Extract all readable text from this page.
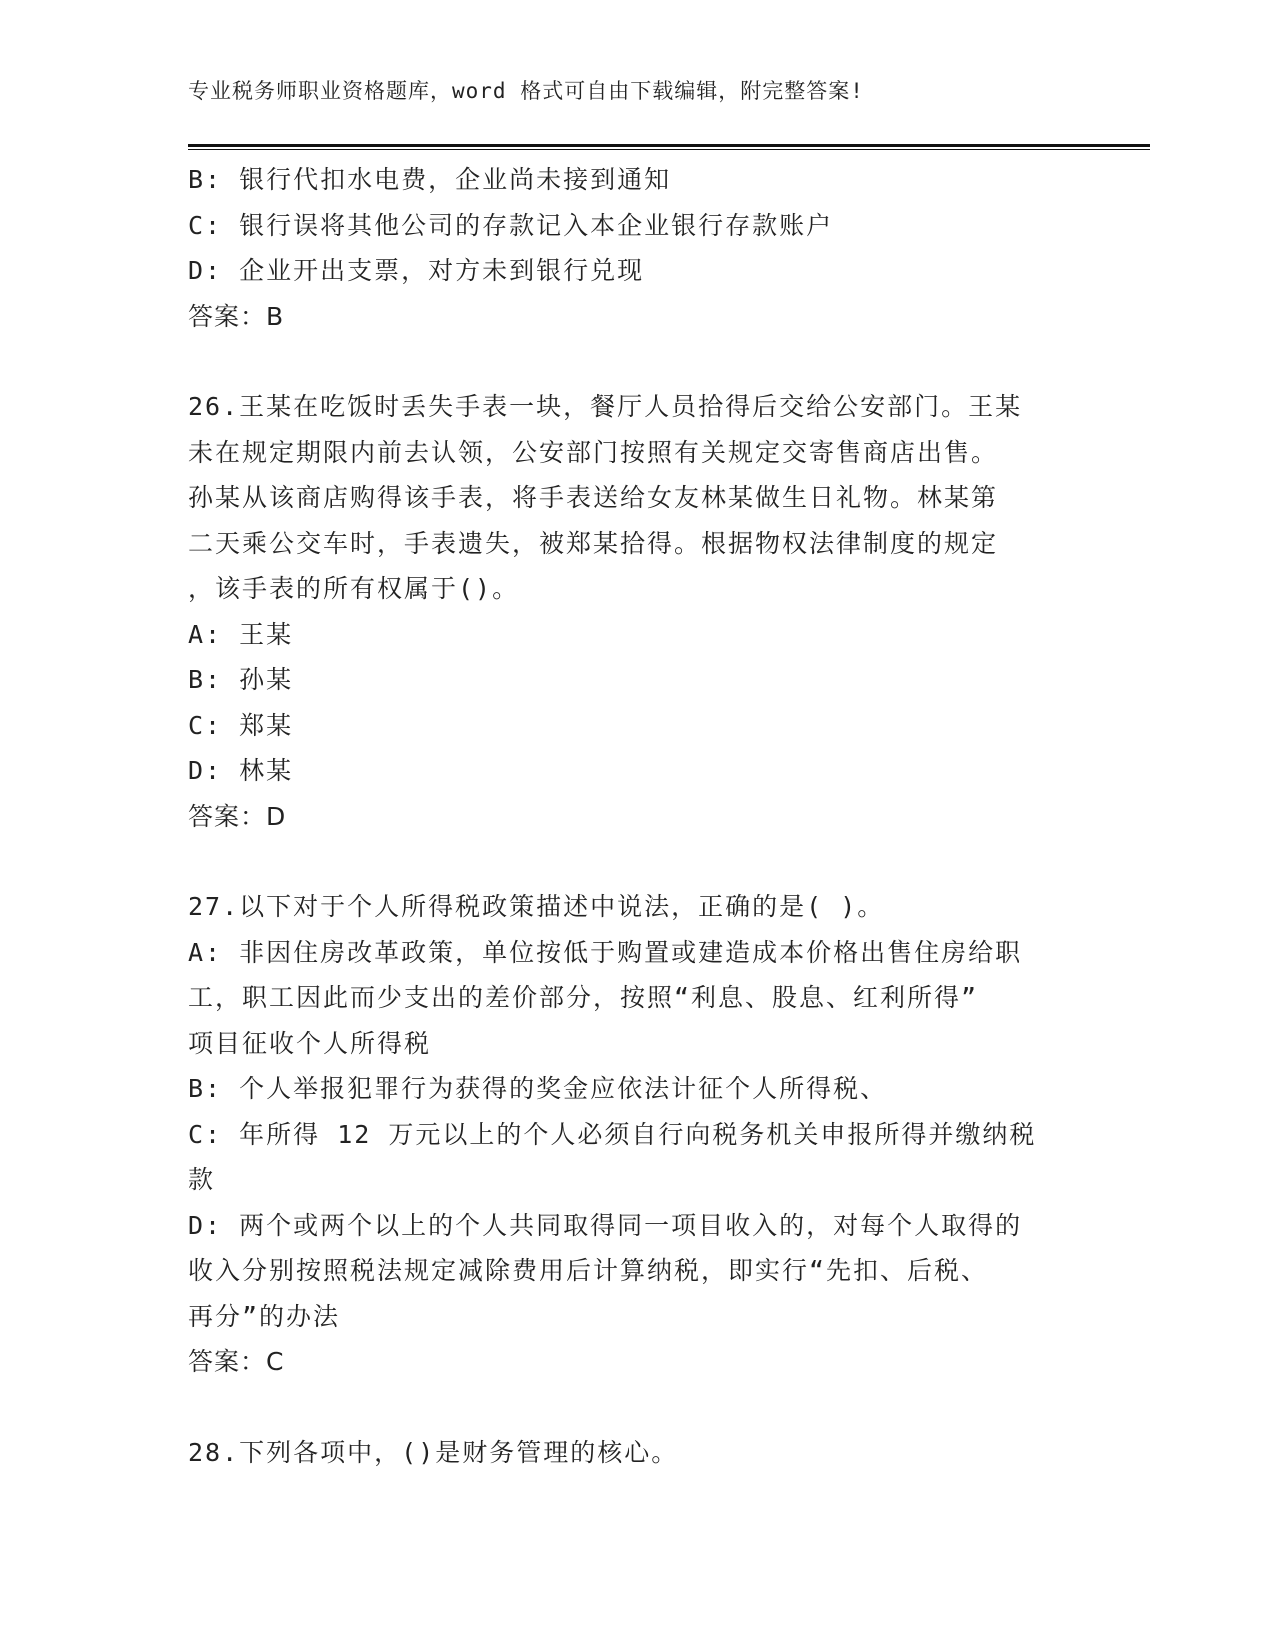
专业税务师职业资格题库，word 格式可自由下载编辑，附完整答案!
B: 银行代扣水电费，企业尚未接到通知
C: 银行误将其他公司的存款记入本企业银行存款账户
D: 企业开出支票，对方未到银行兑现
答案：B
26.王某在吃饭时丢失手表一块，餐厅人员拾得后交给公安部门。王某
未在规定期限内前去认领，公安部门按照有关规定交寄售商店出售。
孙某从该商店购得该手表，将手表送给女友林某做生日礼物。林某第
二天乘公交车时，手表遗失，被郑某拾得。根据物权法律制度的规定
，该手表的所有权属于()。
A: 王某
B: 孙某
C: 郑某
D: 林某
答案：D
27.以下对于个人所得税政策描述中说法，正确的是( )。
A: 非因住房改革政策，单位按低于购置或建造成本价格出售住房给职
工，职工因此而少支出的差价部分，按照“利息、股息、红利所得”
项目征收个人所得税
B: 个人举报犯罪行为获得的奖金应依法计征个人所得税、
C: 年所得 12 万元以上的个人必须自行向税务机关申报所得并缴纳税
款
D: 两个或两个以上的个人共同取得同一项目收入的，对每个人取得的
收入分别按照税法规定减除费用后计算纳税，即实行“先扣、后税、
再分”的办法
答案：C
28.下列各项中，()是财务管理的核心。
